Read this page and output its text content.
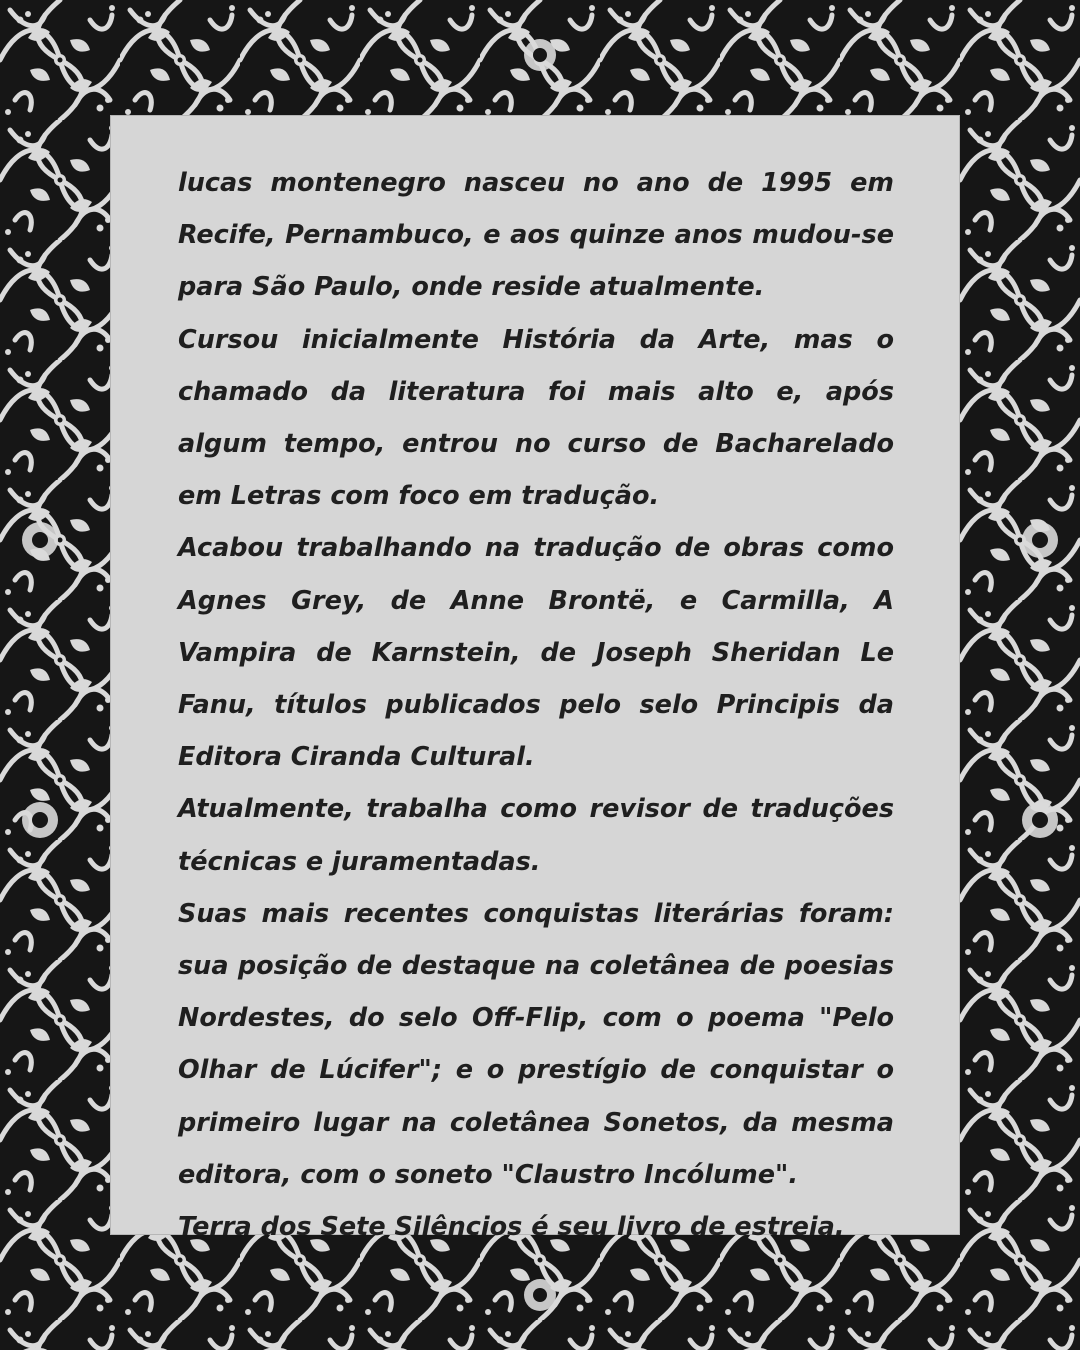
lucas montenegro nasceu no ano de 1995 em Recife, Pernambuco, e aos quinze anos mudou-se para São Paulo, onde reside atualmente.

Cursou inicialmente História da Arte, mas o chamado da literatura foi mais alto e, após algum tempo, entrou no curso de Bacharelado em Letras com foco em tradução.

Acabou trabalhando na tradução de obras como Agnes Grey, de Anne Brontë, e Carmilla, A Vampira de Karnstein, de Joseph Sheridan Le Fanu, títulos publicados pelo selo Principis da Editora Ciranda Cultural.

Atualmente, trabalha como revisor de traduções técnicas e juramentadas.

Suas mais recentes conquistas literárias foram: sua posição de destaque na coletânea de poesias Nordestes, do selo Off-Flip, com o poema "Pelo Olhar de Lúcifer"; e o prestígio de conquistar o primeiro lugar na coletânea Sonetos, da mesma editora, com o soneto "Claustro Incólume".

Terra dos Sete Silêncios é seu livro de estreia.
